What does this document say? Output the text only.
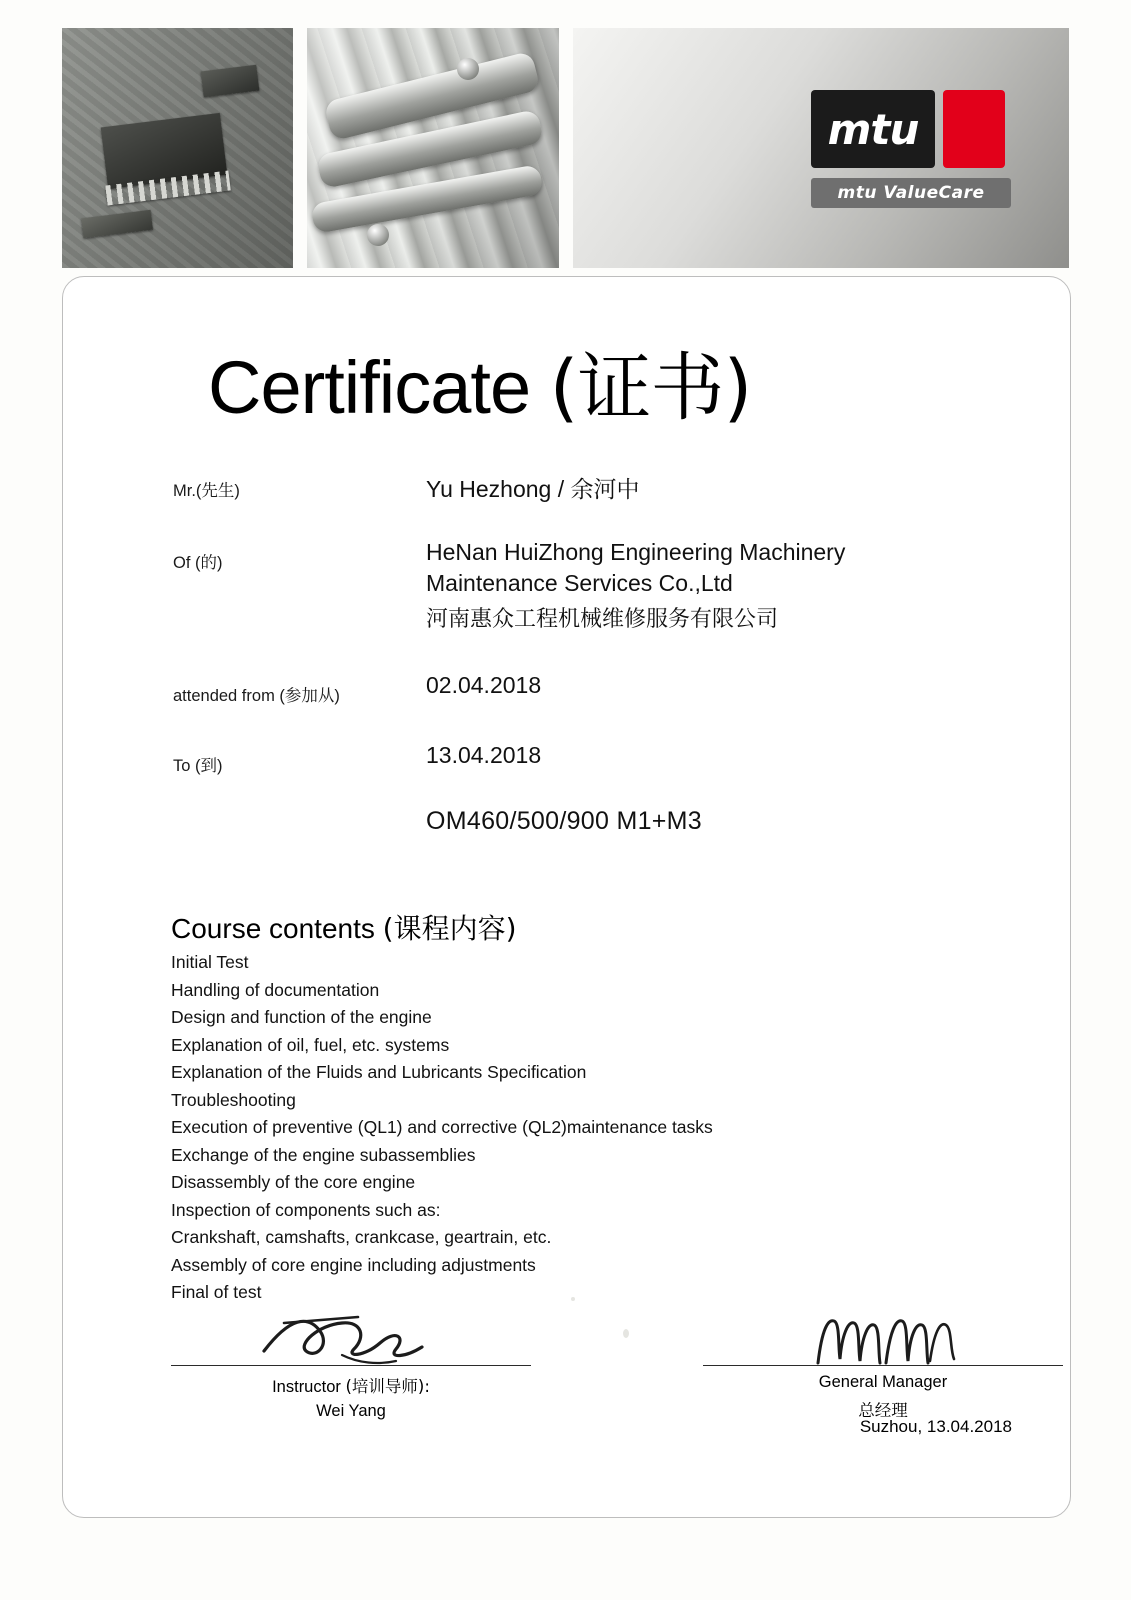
mtu
mtu ValueCare
Certificate (证书)
Mr.(先生)	Yu Hezhong / 余河中
Of (的)	HeNan HuiZhong Engineering Machinery
Maintenance Services Co.,Ltd
河南惠众工程机械维修服务有限公司
attended from (参加从)	02.04.2018
To (到)	13.04.2018
OM460/500/900 M1+M3
Course contents (课程内容)
Initial Test
Handling of documentation
Design and function of the engine
Explanation of oil, fuel, etc. systems
Explanation of the Fluids and Lubricants Specification
Troubleshooting
Execution of preventive (QL1) and corrective (QL2)maintenance tasks
Exchange of the engine subassemblies
Disassembly of the core engine
Inspection of components such as:
Crankshaft, camshafts, crankcase, geartrain, etc.
Assembly of core engine including adjustments
Final of test
Instructor (培训导师):
Wei Yang
General Manager
总经理
Suzhou, 13.04.2018
